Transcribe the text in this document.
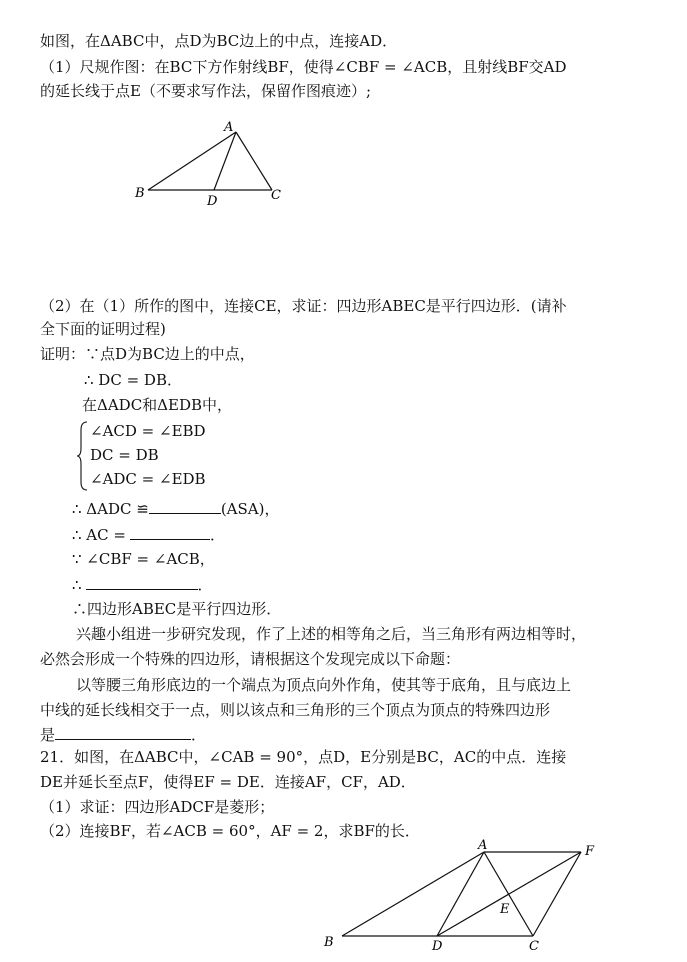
如图，在ΔABC中，点D为BC边上的中点，连接AD．
（1）尺规作图：在BC下方作射线BF，使得∠CBF = ∠ACB，且射线BF交AD
的延长线于点E（不要求写作法，保留作图痕迹）;
A
B	C
D
A	F
E
B	D	C
（2）在（1）所作的图中，连接CE，求证：四边形ABEC是平行四边形．(请补
全下面的证明过程)
证明：∵点D为BC边上的中点，
∴ DC = DB．
在ΔADC和ΔEDB中，
∠ACD = ∠EBD
DC = DB
∠ADC = ∠EDB
∴ ΔADC ≌	(ASA)，
∴ AC =	．
∵ ∠CBF = ∠ACB，
∴	．
∴四边形ABEC是平行四边形．
兴趣小组进一步研究发现，作了上述的相等角之后，当三角形有两边相等时，
必然会形成一个特殊的四边形，请根据这个发现完成以下命题：
以等腰三角形底边的一个端点为顶点向外作角，使其等于底角，且与底边上
中线的延长线相交于一点，则以该点和三角形的三个顶点为顶点的特殊四边形
是	．
21．如图，在ΔABC中，∠CAB = 90°，点D，E分别是BC，AC的中点．连接
DE并延长至点F，使得EF = DE．连接AF，CF，AD．
（1）求证：四边形ADCF是菱形；
（2）连接BF，若∠ACB = 60°，AF = 2，求BF的长．
